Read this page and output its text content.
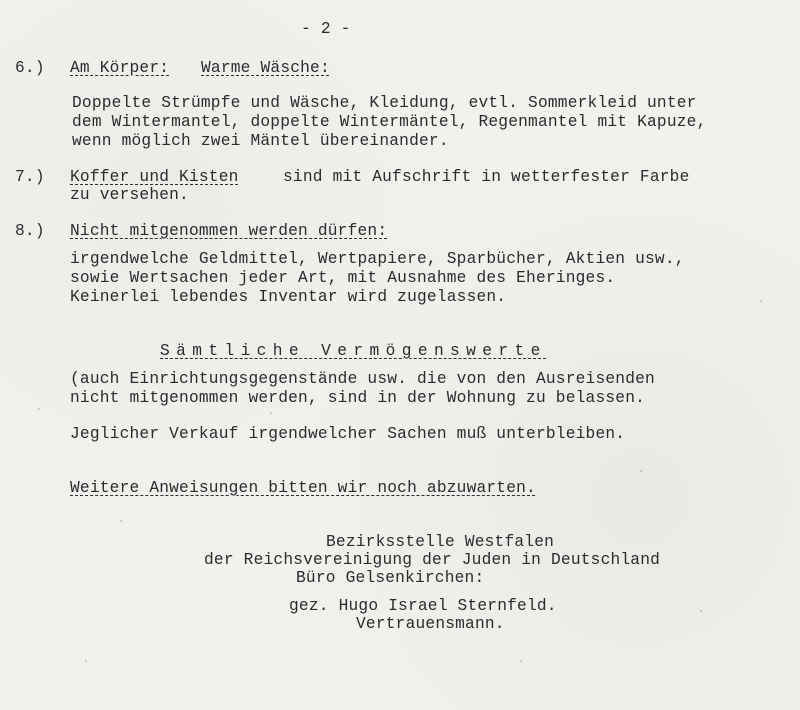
- 2 -
6.) Am Körper: Warme Wäsche:
Doppelte Strümpfe und Wäsche, Kleidung, evtl. Sommerkleid unter
dem Wintermantel, doppelte Wintermäntel, Regenmantel mit Kapuze,
wenn möglich zwei Mäntel übereinander.
7.) Koffer und Kisten	sind mit Aufschrift in wetterfester Farbe
zu versehen.
8.) Nicht mitgenommen werden dürfen:
irgendwelche Geldmittel, Wertpapiere, Sparbücher, Aktien usw.,
sowie Wertsachen jeder Art, mit Ausnahme des Eheringes.
Keinerlei lebendes Inventar wird zugelassen.
Sämtliche Vermögenswerte
(auch Einrichtungsgegenstände usw. die von den Ausreisenden
nicht mitgenommen werden, sind in der Wohnung zu belassen.
Jeglicher Verkauf irgendwelcher Sachen muß unterbleiben.
Weitere Anweisungen bitten wir noch abzuwarten.
Bezirksstelle Westfalen
der Reichsvereinigung der Juden in Deutschland
Büro Gelsenkirchen:
gez. Hugo Israel Sternfeld.
Vertrauensmann.
